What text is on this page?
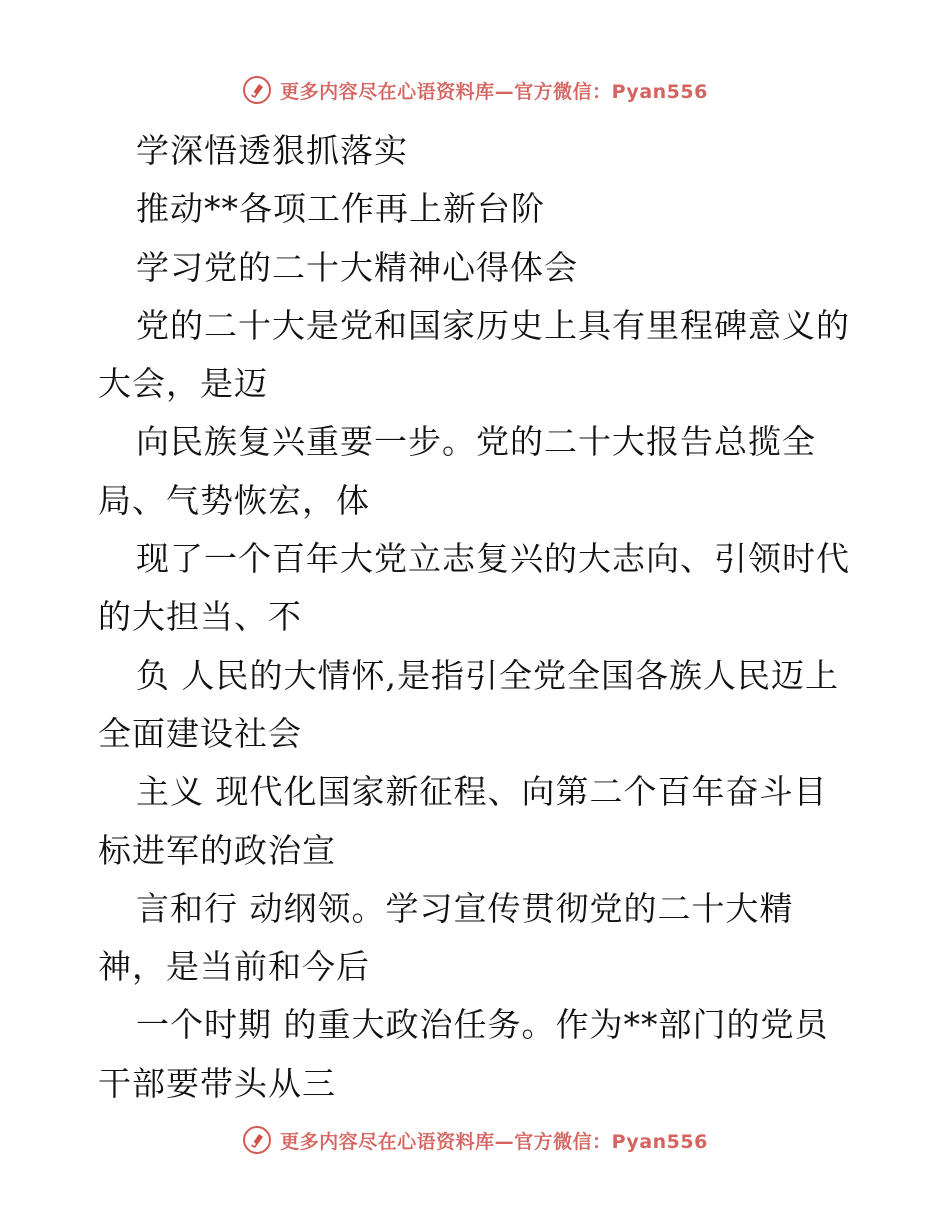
更多内容尽在心语资料库—官方微信：Pyan556
学深悟透狠抓落实
推动**各项工作再上新台阶
学习党的二十大精神心得体会
党的二十大是党和国家历史上具有里程碑意义的
大会，是迈
向民族复兴重要一步。党的二十大报告总揽全
局、气势恢宏，体
现了一个百年大党立志复兴的大志向、引领时代
的大担当、不
负 人民的大情怀,是指引全党全国各族人民迈上
全面建设社会
主义 现代化国家新征程、向第二个百年奋斗目
标进军的政治宣
言和行 动纲领。学习宣传贯彻党的二十大精
神，是当前和今后
一个时期 的重大政治任务。作为**部门的党员
干部要带头从三
更多内容尽在心语资料库—官方微信：Pyan556
